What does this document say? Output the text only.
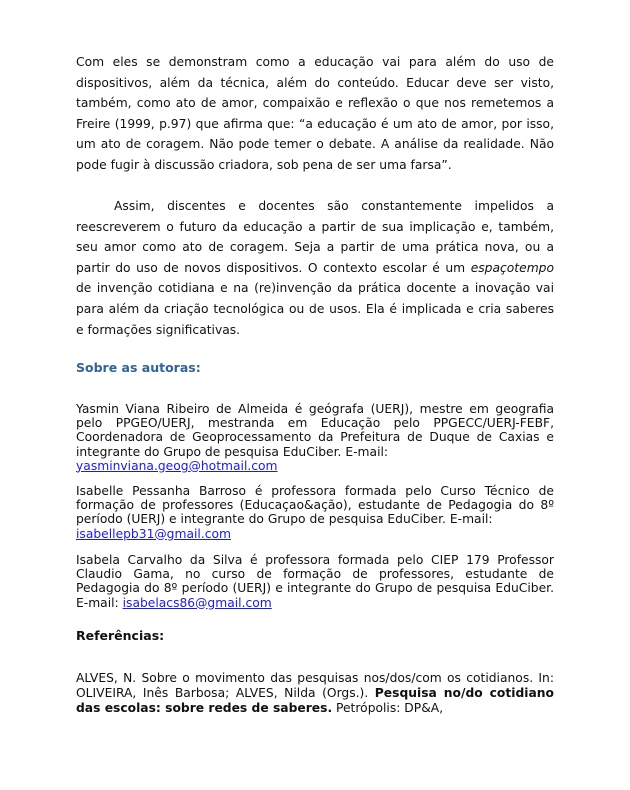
Com eles se demonstram como a educação vai para além do uso de dispositivos, além da técnica, além do conteúdo. Educar deve ser visto, também, como ato de amor, compaixão e reflexão o que nos remetemos a Freire (1999, p.97) que afirma que: “a educação é um ato de amor, por isso, um ato de coragem. Não pode temer o debate. A análise da realidade. Não pode fugir à discussão criadora, sob pena de ser uma farsa”.

Assim, discentes e docentes são constantemente impelidos a reescreverem o futuro da educação a partir de sua implicação e, também, seu amor como ato de coragem. Seja a partir de uma prática nova, ou a partir do uso de novos dispositivos. O contexto escolar é um espaçotempo de invenção cotidiana e na (re)invenção da prática docente a inovação vai para além da criação tecnológica ou de usos. Ela é implicada e cria saberes e formações significativas.

Sobre as autoras:

Yasmin Viana Ribeiro de Almeida é geógrafa (UERJ), mestre em geografia pelo PPGEO/UERJ, mestranda em Educação pelo PPGECC/UERJ-FEBF, Coordenadora de Geoprocessamento da Prefeitura de Duque de Caxias e integrante do Grupo de pesquisa EduCiber. E-mail:
yasminviana.geog@hotmail.com

Isabelle Pessanha Barroso é professora formada pelo Curso Técnico de formação de professores (Educaçao&ação), estudante de Pedagogia do 8º período (UERJ) e integrante do Grupo de pesquisa EduCiber. E-mail:
isabellepb31@gmail.com

Isabela Carvalho da Silva é professora formada pelo CIEP 179 Professor Claudio Gama, no curso de formação de professores, estudante de Pedagogia do 8º período (UERJ) e integrante do Grupo de pesquisa EduCiber. E-mail: isabelacs86@gmail.com

Referências:

ALVES, N. Sobre o movimento das pesquisas nos/dos/com os cotidianos. In: OLIVEIRA, Inês Barbosa; ALVES, Nilda (Orgs.). Pesquisa no/do cotidiano das escolas: sobre redes de saberes. Petrópolis: DP&A,
